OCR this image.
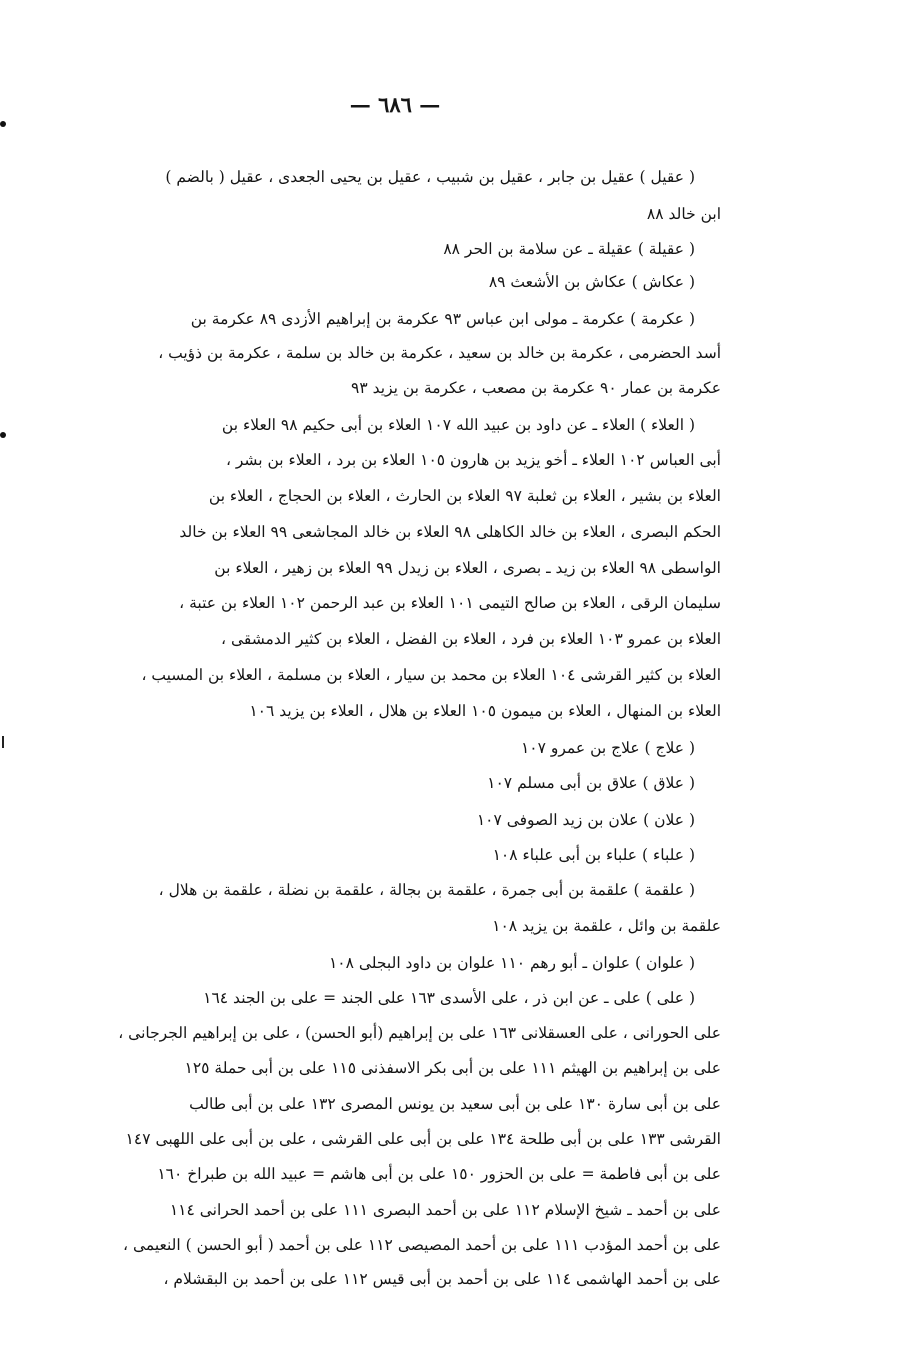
— ٦٨٦ —
( عقيل ) عقيل بن جابر ، عقيل بن شبيب ، عقيل بن يحيى الجعدى ، عقيل ( بالضم )
ابن خالد ٨٨
( عقيلة ) عقيلة ـ عن سلامة بن الحر ٨٨
( عكاش ) عكاش بن الأشعث ٨٩
( عكرمة ) عكرمة ـ مولى ابن عباس ٩٣ عكرمة بن إبراهيم الأزدى ٨٩ عكرمة بن
أسد الحضرمى ، عكرمة بن خالد بن سعيد ، عكرمة بن خالد بن سلمة ، عكرمة بن ذؤيب ،
عكرمة بن عمار ٩٠ عكرمة بن مصعب ، عكرمة بن يزيد ٩٣
( العلاء ) العلاء ـ عن داود بن عبيد الله ١٠٧ العلاء بن أبى حكيم ٩٨ العلاء بن
أبى العباس ١٠٢ العلاء ـ أخو يزيد بن هارون ١٠٥ العلاء بن برد ، العلاء بن بشر ،
العلاء بن بشير ، العلاء بن ثعلبة ٩٧ العلاء بن الحارث ، العلاء بن الحجاج ، العلاء بن
الحكم البصرى ، العلاء بن خالد الكاهلى ٩٨ العلاء بن خالد المجاشعى ٩٩ العلاء بن خالد
الواسطى ٩٨ العلاء بن زيد ـ بصرى ، العلاء بن زيدل ٩٩ العلاء بن زهير ، العلاء بن
سليمان الرقى ، العلاء بن صالح التيمى ١٠١ العلاء بن عبد الرحمن ١٠٢ العلاء بن عتبة ،
العلاء بن عمرو ١٠٣ العلاء بن فرد ، العلاء بن الفضل ، العلاء بن كثير الدمشقى ،
العلاء بن كثير القرشى ١٠٤ العلاء بن محمد بن سيار ، العلاء بن مسلمة ، العلاء بن المسيب ،
العلاء بن المنهال ، العلاء بن ميمون ١٠٥ العلاء بن هلال ، العلاء بن يزيد ١٠٦
( علاج ) علاج بن عمرو ١٠٧
( علاق ) علاق بن أبى مسلم ١٠٧
( علان ) علان بن زيد الصوفى ١٠٧
( علباء ) علباء بن أبى علباء ١٠٨
( علقمة ) علقمة بن أبى جمرة ، علقمة بن بجالة ، علقمة بن نضلة ، علقمة بن هلال ،
علقمة بن وائل ، علقمة بن يزيد ١٠٨
( علوان ) علوان ـ أبو رهم ١١٠ علوان بن داود البجلى ١٠٨
( على ) على ـ عن ابن ذر ، على الأسدى ١٦٣ على الجند = على بن الجند ١٦٤
على الحورانى ، على العسقلانى ١٦٣ على بن إبراهيم (أبو الحسن) ، على بن إبراهيم الجرجانى ،
على بن إبراهيم بن الهيثم ١١١ على بن أبى بكر الاسفذنى ١١٥ على بن أبى حملة ١٢٥
على بن أبى سارة ١٣٠ على بن أبى سعيد بن يونس المصرى ١٣٢ على بن أبى طالب
القرشى ١٣٣ على بن أبى طلحة ١٣٤ على بن أبى على القرشى ، على بن أبى على اللهبى ١٤٧
على بن أبى فاطمة = على بن الحزور ١٥٠ على بن أبى هاشم = عبيد الله بن طبراخ ١٦٠
على بن أحمد ـ شيخ الإسلام ١١٢ على بن أحمد البصرى ١١١ على بن أحمد الحرانى ١١٤
على بن أحمد المؤدب ١١١ على بن أحمد المصيصى ١١٢ على بن أحمد ( أبو الحسن ) النعيمى ،
على بن أحمد الهاشمى ١١٤ على بن أحمد بن أبى قيس ١١٢ على بن أحمد بن البقشلام ،
